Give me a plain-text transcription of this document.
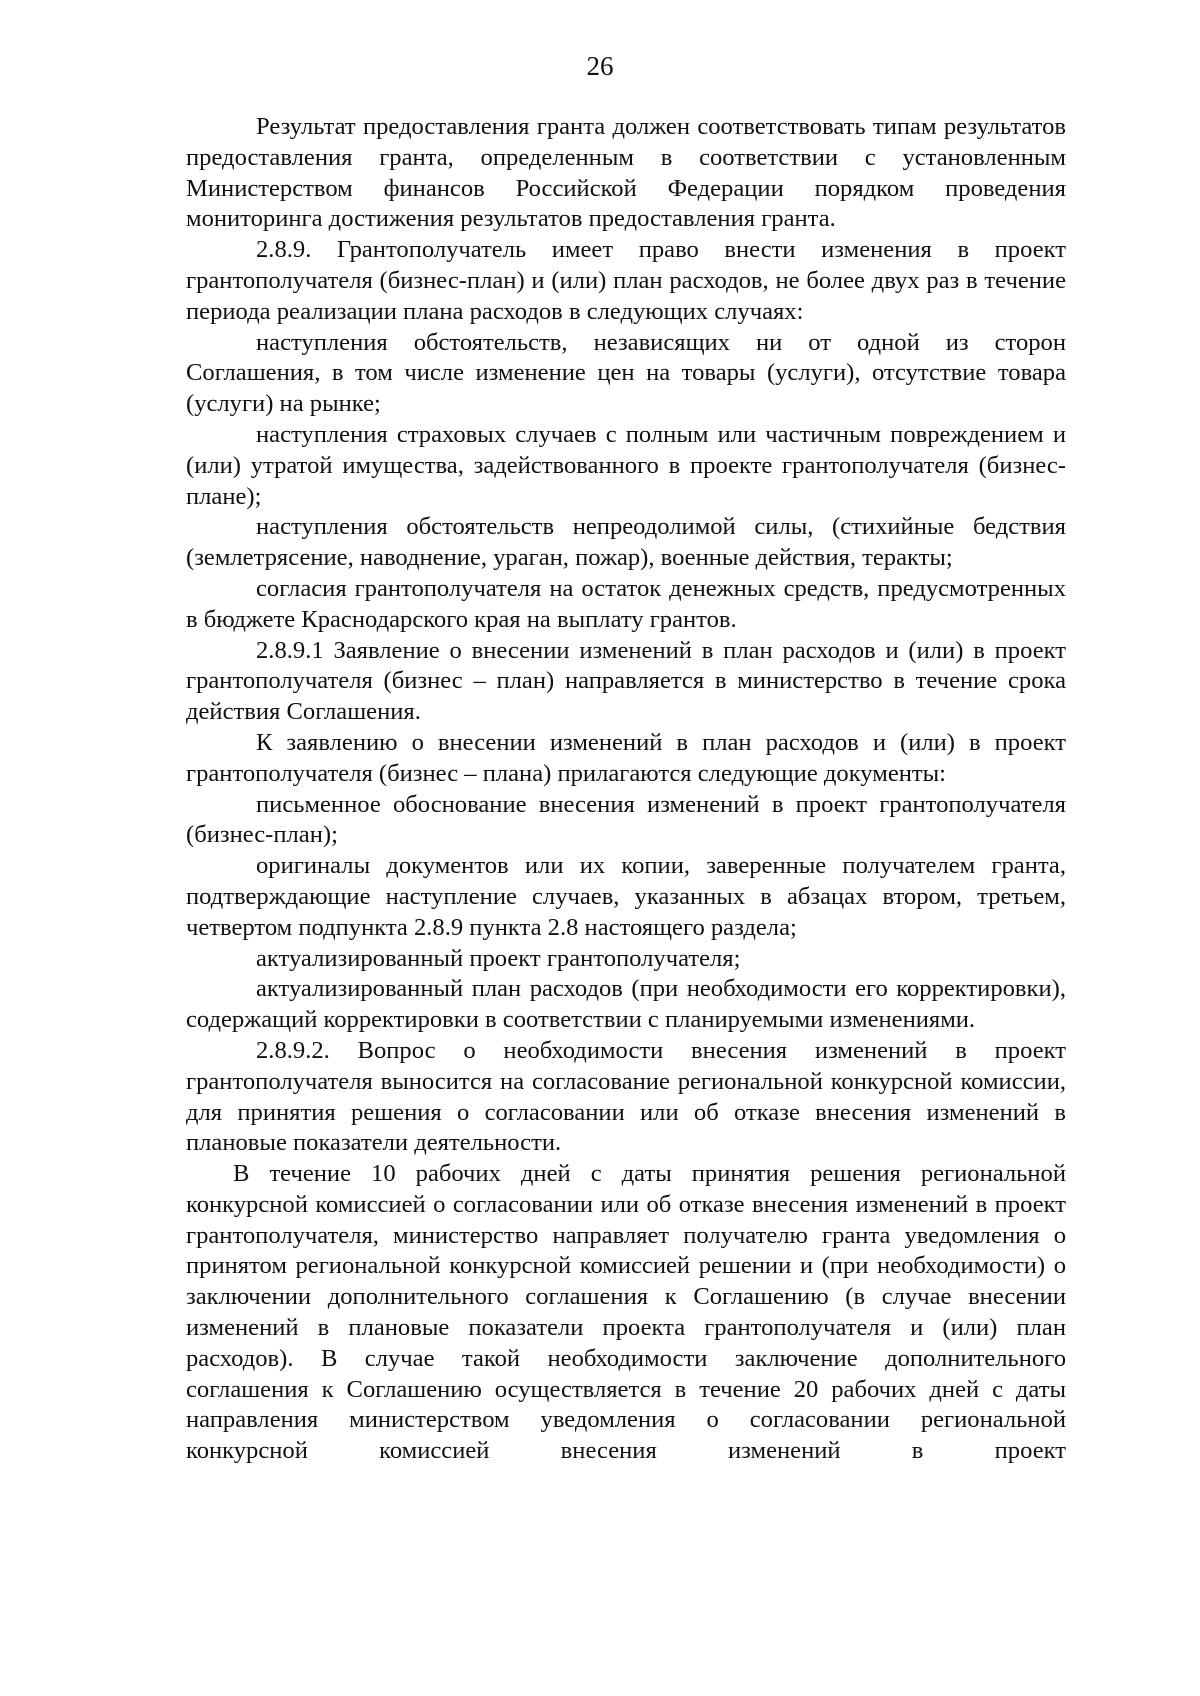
26

Результат предоставления гранта должен соответствовать типам результатов предоставления гранта, определенным в соответствии с установленным Министерством финансов Российской Федерации порядком проведения мониторинга достижения результатов предоставления гранта.

2.8.9. Грантополучатель имеет право внести изменения в проект грантополучателя (бизнес-план) и (или) план расходов, не более двух раз в течение периода реализации плана расходов в следующих случаях:

наступления обстоятельств, независящих ни от одной из сторон Соглашения, в том числе изменение цен на товары (услуги), отсутствие товара (услуги) на рынке;

наступления страховых случаев с полным или частичным повреждением и (или) утратой имущества, задействованного в проекте грантополучателя (бизнес-плане);

наступления обстоятельств непреодолимой силы, (стихийные бедствия (землетрясение, наводнение, ураган, пожар), военные действия, теракты;

согласия грантополучателя на остаток денежных средств, предусмотренных в бюджете Краснодарского края на выплату грантов.

2.8.9.1 Заявление о внесении изменений в план расходов и (или) в проект грантополучателя (бизнес – план) направляется в министерство в течение срока действия Соглашения.

К заявлению о внесении изменений в план расходов и (или) в проект грантополучателя (бизнес – плана) прилагаются следующие документы:

письменное обоснование внесения изменений в проект грантополучателя (бизнес-план);

оригиналы документов или их копии, заверенные получателем гранта, подтверждающие наступление случаев, указанных в абзацах втором, третьем, четвертом подпункта 2.8.9 пункта 2.8 настоящего раздела;

актуализированный проект грантополучателя;

актуализированный план расходов (при необходимости его корректировки), содержащий корректировки в соответствии с планируемыми изменениями.

2.8.9.2. Вопрос о необходимости внесения изменений в проект грантополучателя выносится на согласование региональной конкурсной комиссии, для принятия решения о согласовании или об отказе внесения изменений в плановые показатели деятельности.

В течение 10 рабочих дней с даты принятия решения региональной конкурсной комиссией о согласовании или об отказе внесения изменений в проект грантополучателя, министерство направляет получателю гранта уведомления о принятом региональной конкурсной комиссией решении и (при необходимости) о заключении дополнительного соглашения к Соглашению (в случае внесении изменений в плановые показатели проекта грантополучателя и (или) план расходов). В случае такой необходимости заключение дополнительного соглашения к Соглашению осуществляется в течение 20 рабочих дней с даты направления министерством уведомления о согласовании региональной конкурсной комиссией внесения изменений в проект
